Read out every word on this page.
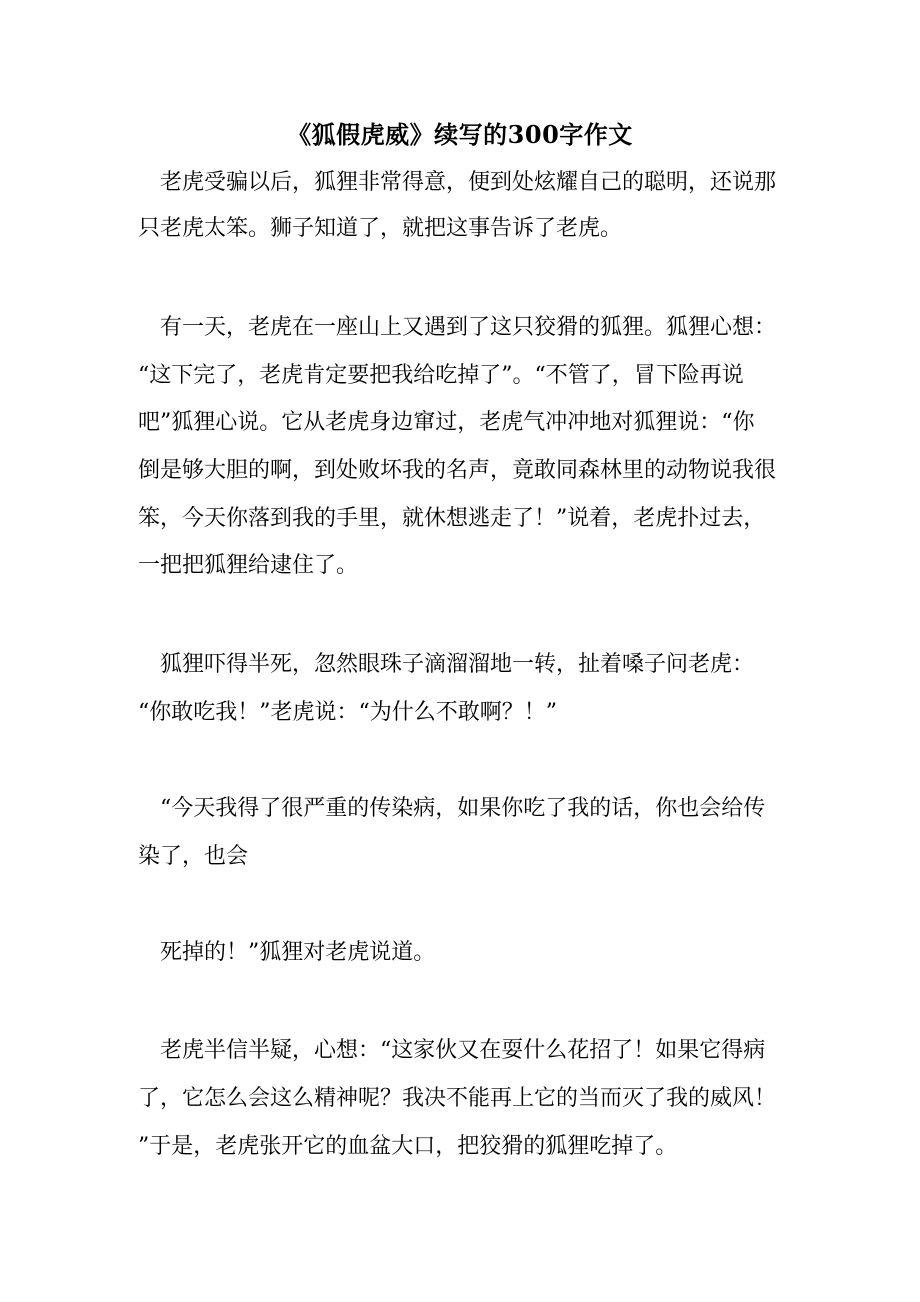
《狐假虎威》续写的300字作文
　老虎受骗以后，狐狸非常得意，便到处炫耀自己的聪明，还说那
只老虎太笨。狮子知道了，就把这事告诉了老虎。
　有一天，老虎在一座山上又遇到了这只狡猾的狐狸。狐狸心想：
“这下完了，老虎肯定要把我给吃掉了”。“不管了，冒下险再说
吧”狐狸心说。它从老虎身边窜过，老虎气冲冲地对狐狸说：“你
倒是够大胆的啊，到处败坏我的名声，竟敢同森林里的动物说我很
笨，今天你落到我的手里，就休想逃走了！”说着，老虎扑过去，
一把把狐狸给逮住了。
　狐狸吓得半死，忽然眼珠子滴溜溜地一转，扯着嗓子问老虎：
“你敢吃我！”老虎说：“为什么不敢啊？！”
　“今天我得了很严重的传染病，如果你吃了我的话，你也会给传
染了，也会
　死掉的！”狐狸对老虎说道。
　老虎半信半疑，心想：“这家伙又在耍什么花招了！如果它得病
了，它怎么会这么精神呢？我决不能再上它的当而灭了我的威风！
”于是，老虎张开它的血盆大口，把狡猾的狐狸吃掉了。
